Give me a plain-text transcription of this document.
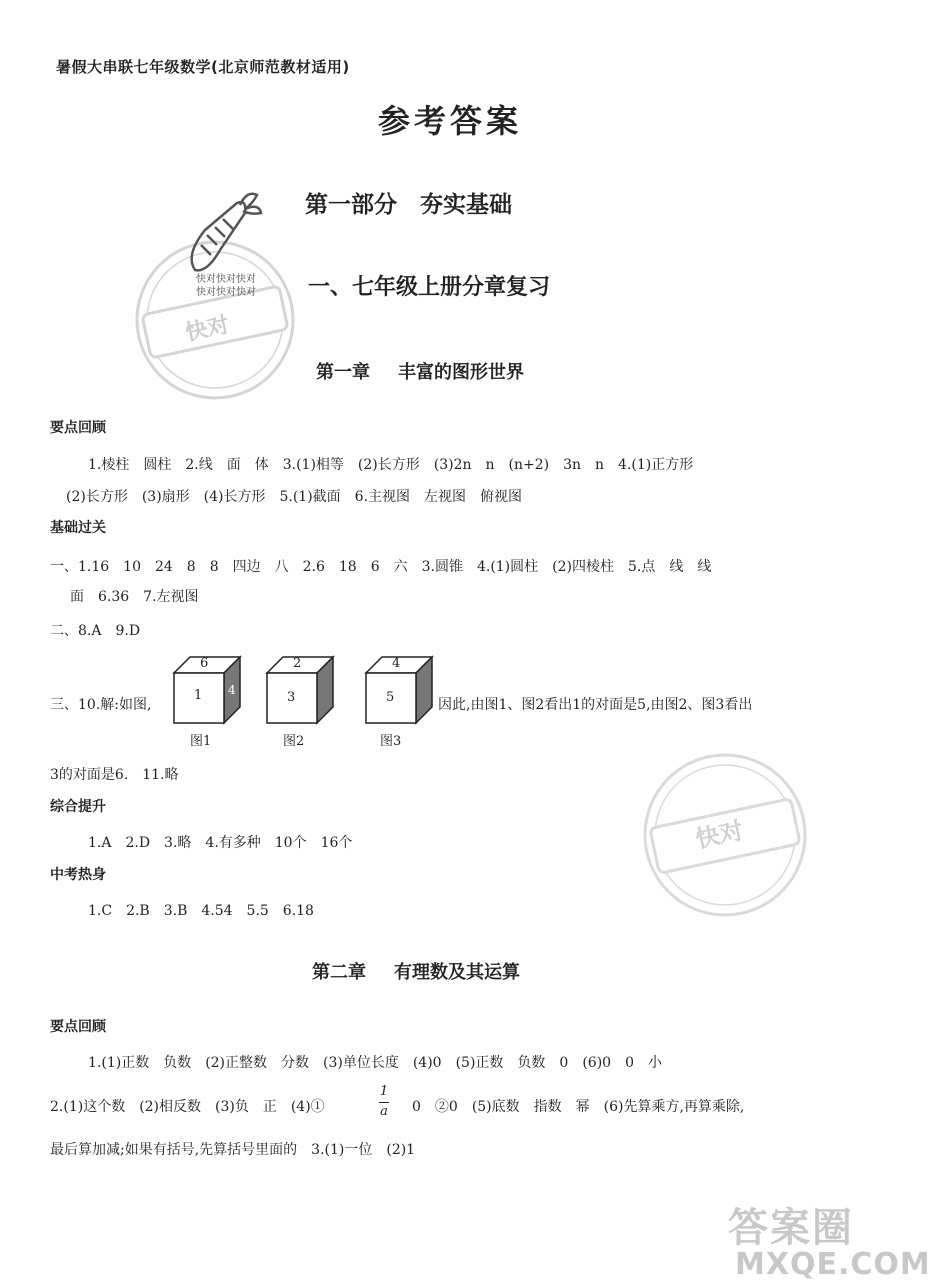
暑假大串联七年级数学(北京师范教材适用)
参考答案
快对快对快对
快对快对快对
快对
第一部分　夯实基础
一、七年级上册分章复习
第一章 丰富的图形世界
要点回顾
1.棱柱　圆柱　2.线　面　体　3.(1)相等　(2)长方形　(3)2n　n　(n+2)　3n　n　4.(1)正方形
(2)长方形　(3)扇形　(4)长方形　5.(1)截面　6.主视图　左视图　俯视图
基础过关
一、1.16　10　24　8　8　四边　八　2.6　18　6　六　3.圆锥　4.(1)圆柱　(2)四棱柱　5.点　线　线
面　6.36　7.左视图
二、8.A　9.D
三、10.解:如图,	因此,由图1、图2看出1的对面是5,由图2、图3看出
6
1 4
图1
2
3
图2
4
5
图3
3的对面是6.　11.略
快对
综合提升
1.A　2.D　3.略　4.有多种　10个　16个
中考热身
1.C　2.B　3.B　4.54　5.5　6.18
第二章 有理数及其运算
要点回顾
1.(1)正数　负数　(2)正整数　分数　(3)单位长度　(4)0　(5)正数　负数　0　(6)0　0　小
2.(1)这个数　(2)相反数　(3)负　正　(4)①
1
a 0　②0　(5)底数　指数　幂　(6)先算乘方,再算乘除,
最后算加减;如果有括号,先算括号里面的　3.(1)一位　(2)1
答案圈
MXQE.COM
